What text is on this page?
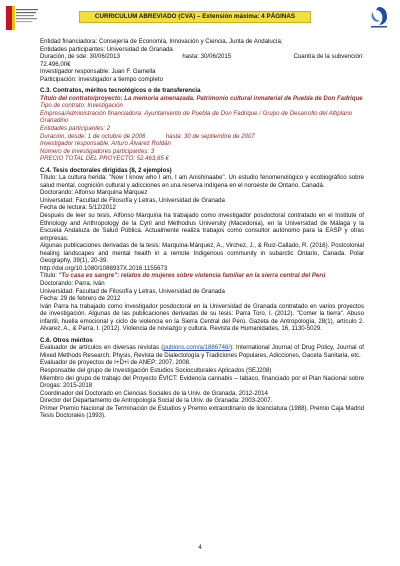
CURRICULUM ABREVIADO (CVA) – Extensión máxima: 4 PÁGINAS

Entidad financiadora: Consejería de Economía, Innovación y Ciencia, Junta de Andalucía;

Entidades participantes: Universidad de Granada

Duración, de sde: 30/06/2013	hasta: 30/06/2015	Cuantía de la subvención:

72.496,00€

Investigador responsable: Juan F. Gamella

Participación: Investigador a tiempo completo

C.3. Contratos, méritos tecnológicos o de transferencia

Título del contrato/proyecto: La memoria amenazada. Patrimonio cultural inmaterial de Puebla de Don Fadrique

Tipo de contrato: Investigación

Empresa/Administración financiadora: Ayuntamiento de Puebla de Don Fadrique / Grupo de Desarrollo del Altiplano Granadino

Entidades participantes: 2

Duración, desde: 1 de octubre de 2006	hasta: 30 de septiembre de 2007

Investigador responsable: Arturo Álvarez Roldán

Número de investigadores participantes: 3

PRECIO TOTAL DEL PROYECTO: 52.463,65 €

C.4. Tesis doctorales dirigidas (8, 2 ejemplos)

Título: La cultura herida: "Now I know who I am, I am Anishinaabe". Un estudio fenomenológico y ecobiográfico sobre salud mental, cognición cultural y adicciones en una reserva indígena en el noroeste de Ontario, Canadá.

Doctorando: Alfonso Marquina Márquez

Universidad: Facultad de Filosofía y Letras, Universidad de Granada

Fecha de lectura: 5/12/2012

Después de leer su tesis, Alfonso Marquina ha trabajado como investigador posdoctoral contratado en el Institute of Ethnology and Anthropology de la Cyril and Methodius University (Macedonia), en la Universidad de Málaga y la Escuela Andaluza de Salud Pública. Actualmente realiza trabajos como consultor autónomo para la EASP y otras empresas.

Algunas publicaciones derivadas de la tesis: Marquina-Márquez, A., Virchez, J., & Ruiz-Callado, R. (2016). Postcolonial healing landscapes and mental health in a remote Indigenous community in subarctic Ontario, Canada. Polar Geography, 39(1), 20-39.

http://doi.org/10.1080/1088937X.2016.1155673

Título: "Tu casa es sangre": relatos de mujeres sobre violencia familiar en la sierra central del Perú

Doctorando: Parra, Iván

Universidad: Facultad de Filosofía y Letras, Universidad de Granada

Fecha: 29 de febrero de 2012

Iván Parra ha trabajado como investigador posdoctoral en la Universidad de Granada contratado en varios proyectos de investigación. Algunas de las publicaciones derivadas de su tesis: Parra Toro, I. (2012). "Comer la tierra". Abuso infantil, huella emocional y ciclo de violencia en la Sierra Central del Perú. Gazeta de Antropología, 28(1), artículo 2. Alvarez, A., & Parra, I. (2012). Violencia de noviazgo y cultura. Revista de Humanidades, 16, 1130-5029.

C.6. Otros méritos

Evaluador de artículos en diversas revistas (publons.com/a/1886748/): International Journal of Drug Policy, Journal of Mixed Methods Research, Physis, Revista de Dialectología y Tradiciones Populares, Adicciones, Gaceta Sanitaria, etc.

Evaluador de proyectos de I+D+i de ANEP: 2007, 2008.

Responsable del grupo de Investigación Estudios Socioculturales Aplicados (SEJ208)

Miembro del grupo de trabajo del Proyecto ÉVICT: Evidencia cannabis – tabaco, financiado por el Plan Nacional sobre Drogas: 2015-2018

Coordinador del Doctorado en Ciencias Sociales de la Univ. de Granada, 2012-2014

Director del Departamento de Antropología Social de la Univ. de Granada: 2003-2007.

Primer Premio Nacional de Terminación de Estudios y Premio extraordinario de licenciatura (1988). Premio Caja Madrid Tesis Doctorales (1993).

4
